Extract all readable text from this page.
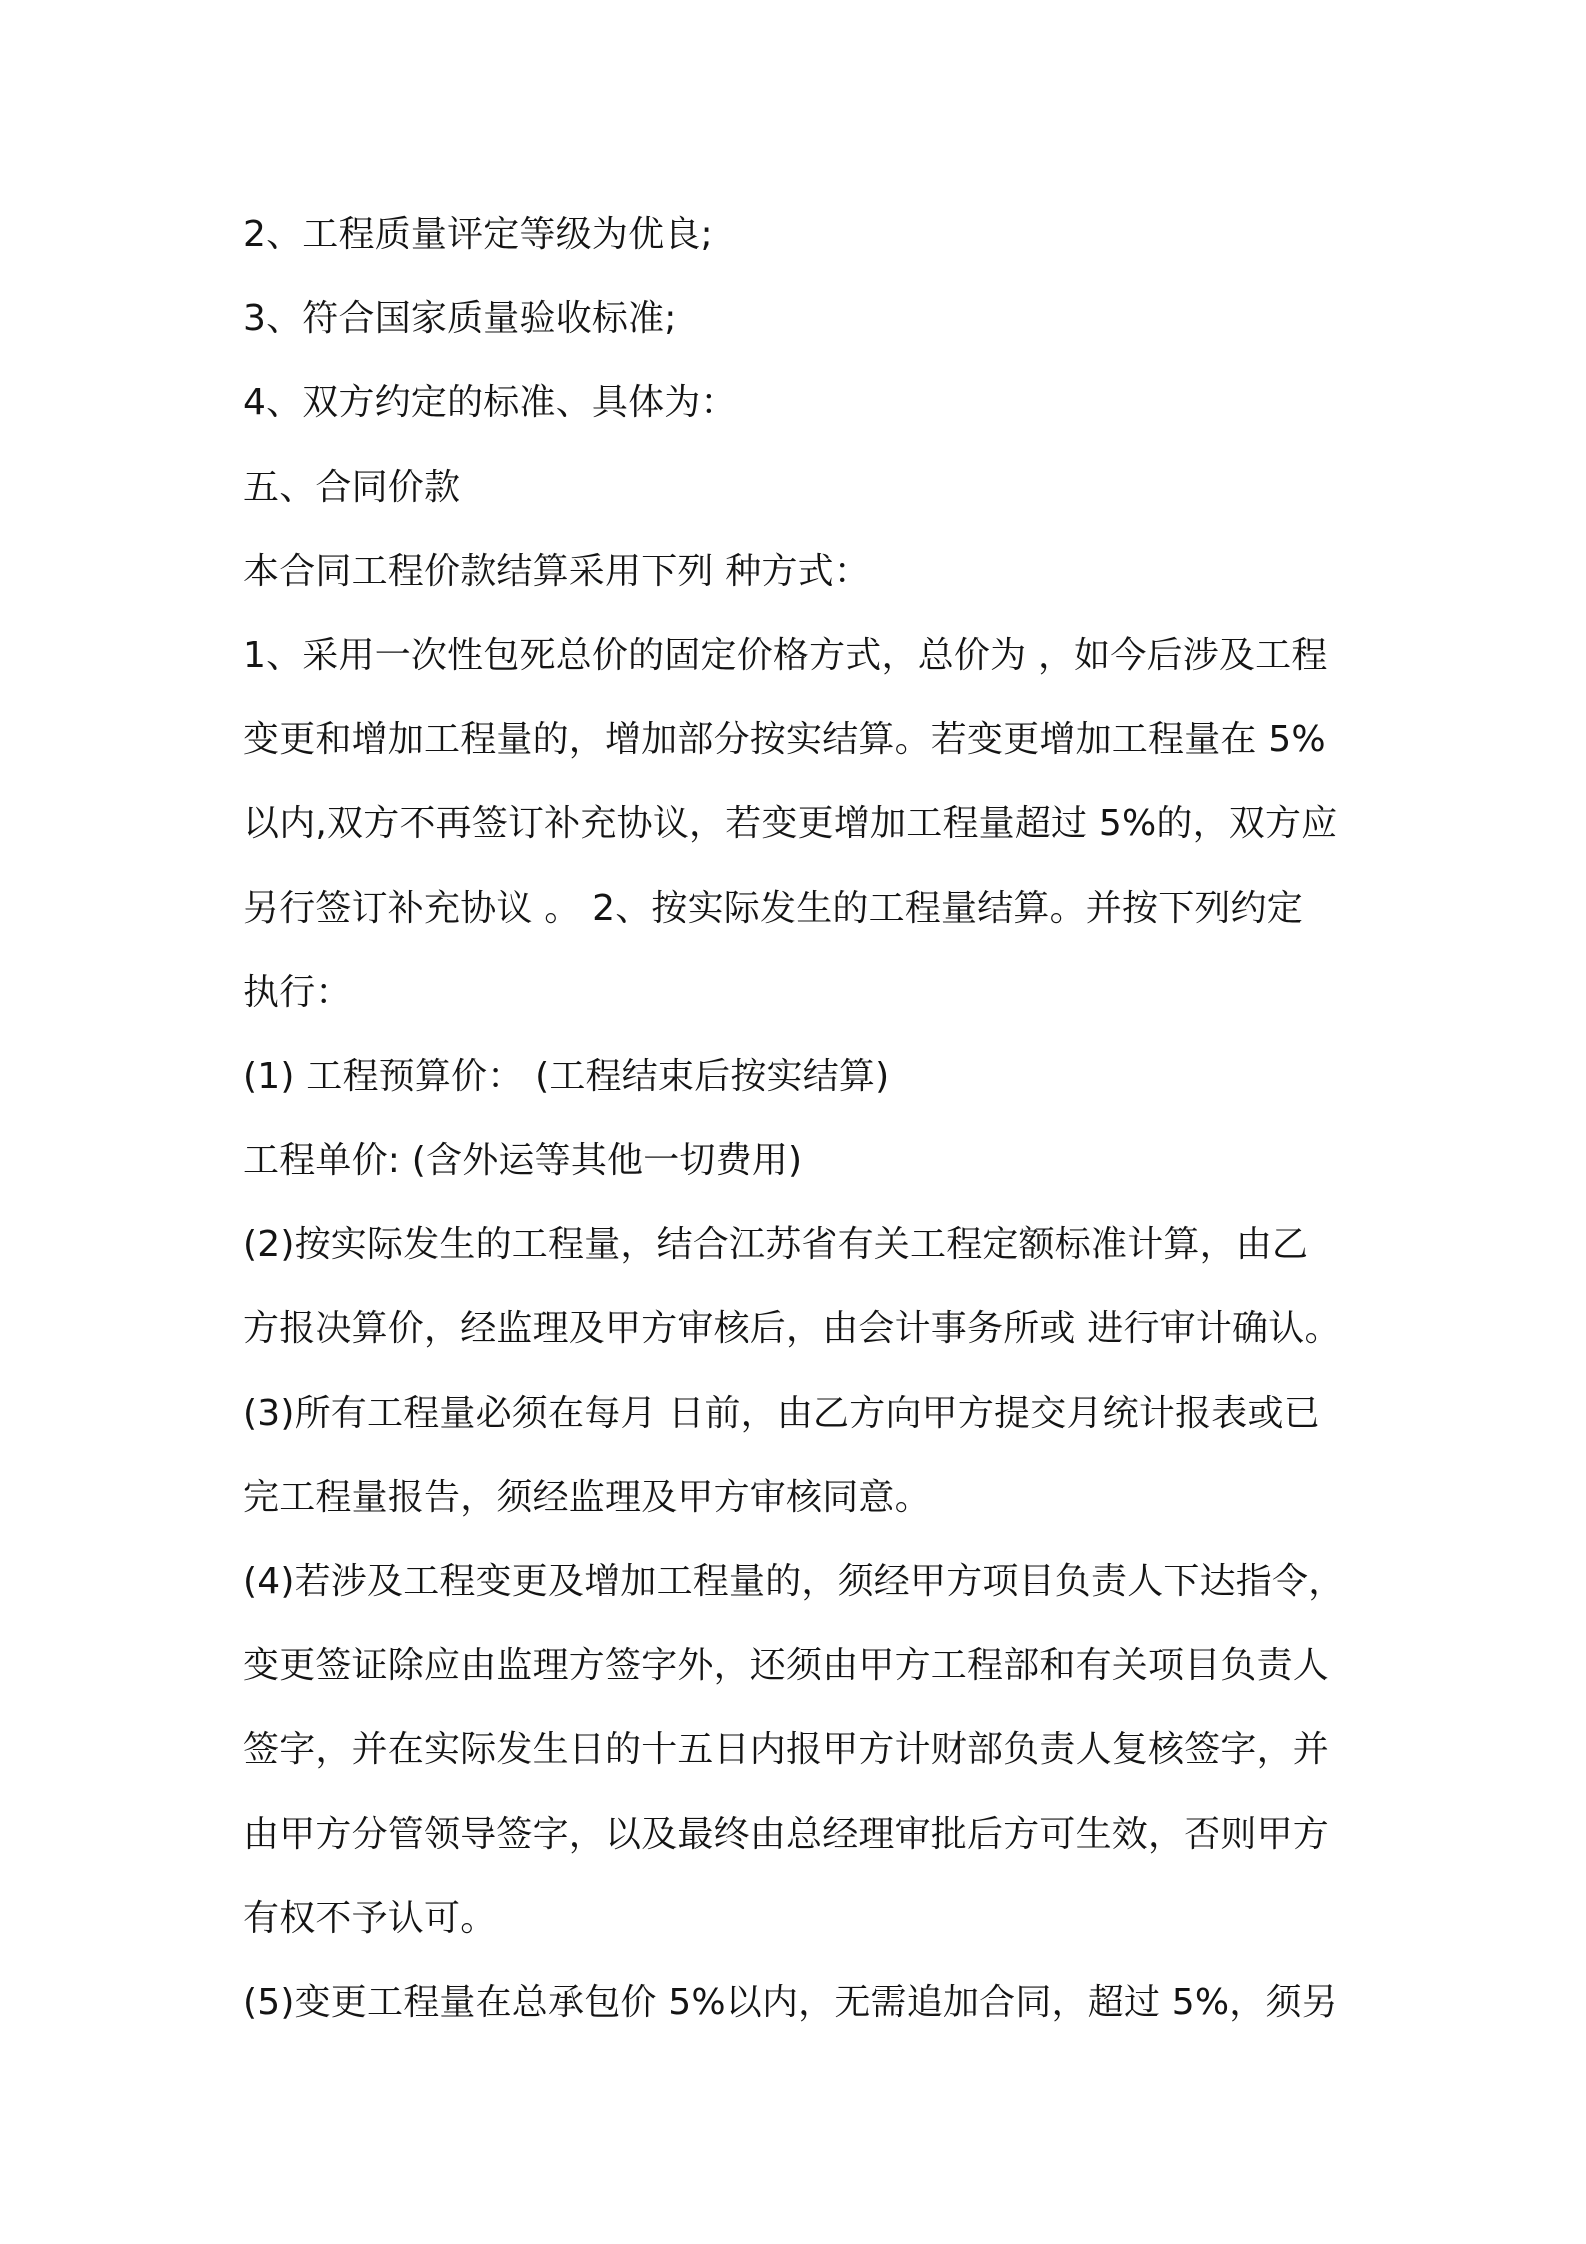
2、工程质量评定等级为优良;
3、符合国家质量验收标准;
4、双方约定的标准、具体为：
五、合同价款
本合同工程价款结算采用下列 种方式：
1、采用一次性包死总价的固定价格方式，总价为 ，如今后涉及工程
变更和增加工程量的，增加部分按实结算。若变更增加工程量在 5%
以内,双方不再签订补充协议，若变更增加工程量超过 5%的，双方应
另行签订补充协议 。 2、按实际发生的工程量结算。并按下列约定
执行：
(1) 工程预算价： (工程结束后按实结算)
工程单价: (含外运等其他一切费用)
(2)按实际发生的工程量，结合江苏省有关工程定额标准计算，由乙
方报决算价，经监理及甲方审核后，由会计事务所或 进行审计确认。
(3)所有工程量必须在每月 日前，由乙方向甲方提交月统计报表或已
完工程量报告，须经监理及甲方审核同意。
(4)若涉及工程变更及增加工程量的，须经甲方项目负责人下达指令，
变更签证除应由监理方签字外，还须由甲方工程部和有关项目负责人
签字，并在实际发生日的十五日内报甲方计财部负责人复核签字，并
由甲方分管领导签字，以及最终由总经理审批后方可生效，否则甲方
有权不予认可。
(5)变更工程量在总承包价 5%以内，无需追加合同，超过 5%，须另
